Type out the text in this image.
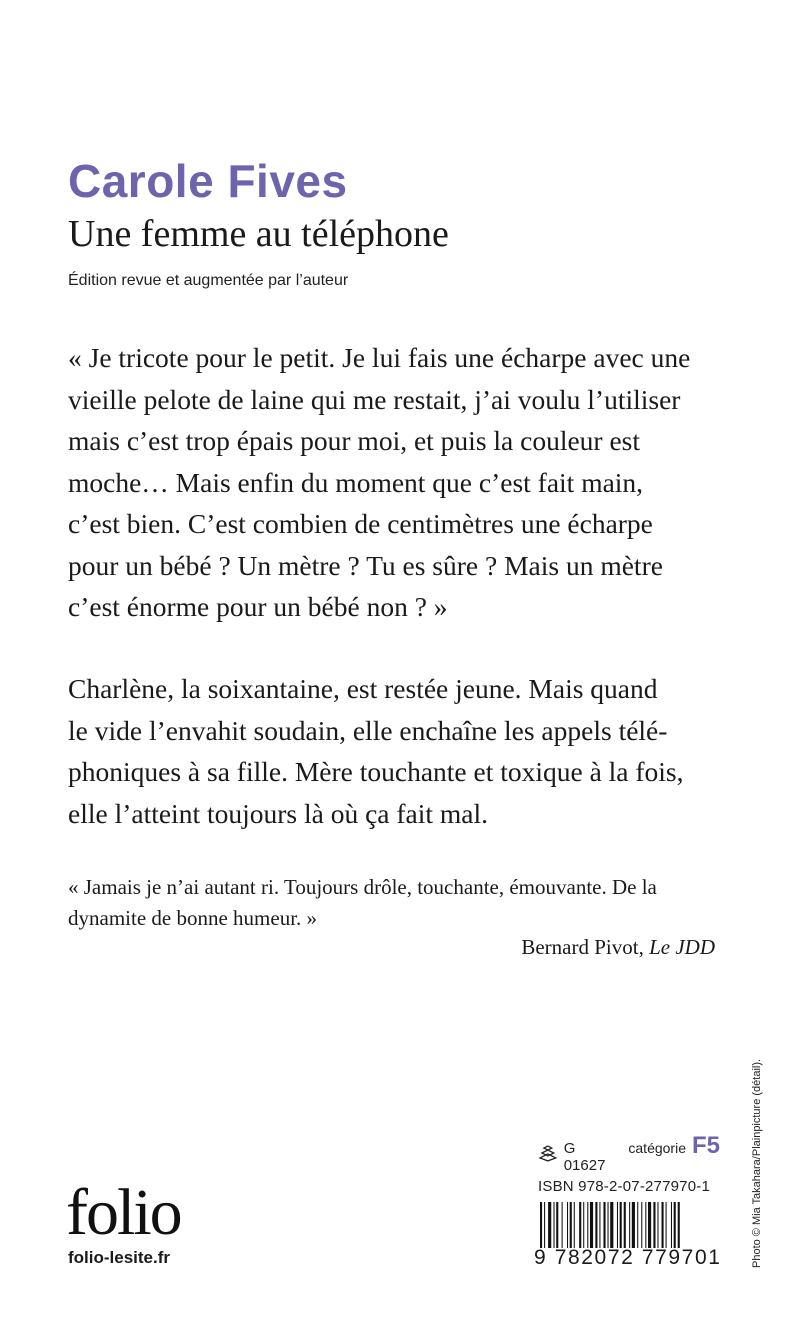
Carole Fives
Une femme au téléphone
Édition revue et augmentée par l’auteur
« Je tricote pour le petit. Je lui fais une écharpe avec une
vieille pelote de laine qui me restait, j’ai voulu l’utiliser
mais c’est trop épais pour moi, et puis la couleur est
moche… Mais enfin du moment que c’est fait main,
c’est bien. C’est combien de centimètres une écharpe
pour un bébé ? Un mètre ? Tu es sûre ? Mais un mètre
c’est énorme pour un bébé non ? »
Charlène, la soixantaine, est restée jeune. Mais quand
le vide l’envahit soudain, elle enchaîne les appels télé-
phoniques à sa fille. Mère touchante et toxique à la fois,
elle l’atteint toujours là où ça fait mal.
« Jamais je n’ai autant ri. Toujours drôle, touchante, émouvante. De la
dynamite de bonne humeur. »
Bernard Pivot, Le JDD
Photo © Mia Takahara/Plainpicture (détail).
folio
folio-lesite.fr
G 01627
catégorie F5
ISBN 978-2-07-277970-1
9 782072 779701
